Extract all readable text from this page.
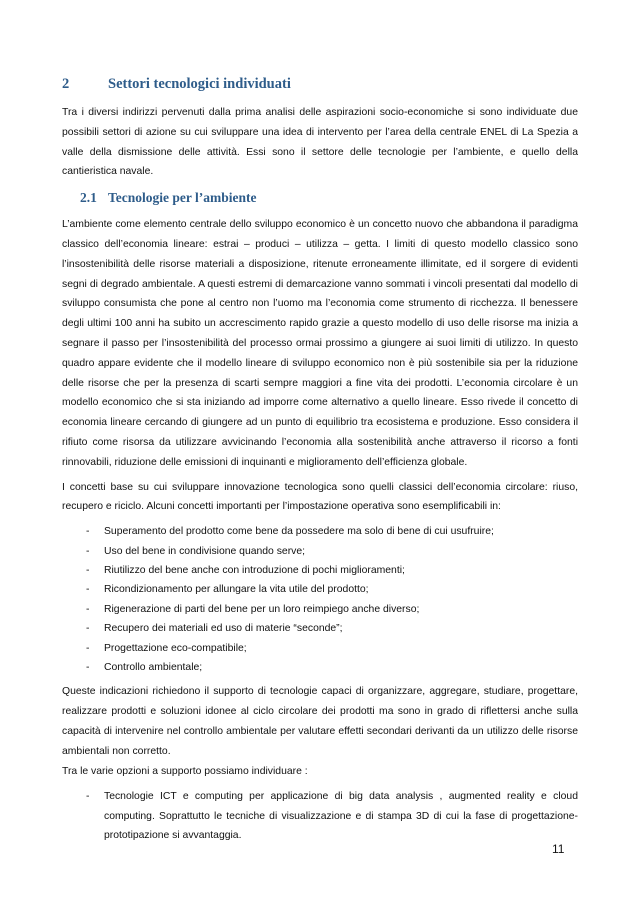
2	Settori tecnologici individuati

Tra i diversi indirizzi pervenuti dalla prima analisi delle aspirazioni socio-economiche si sono individuate due possibili settori di azione su cui sviluppare una idea di intervento per l’area della centrale ENEL di La Spezia a valle della dismissione delle attività. Essi sono il settore delle tecnologie per l’ambiente, e quello della cantieristica navale.

2.1 Tecnologie per l’ambiente

L’ambiente come elemento centrale dello sviluppo economico è un concetto nuovo che abbandona il paradigma classico dell’economia lineare: estrai – produci – utilizza – getta. I limiti di questo modello classico sono l’insostenibilità delle risorse materiali a disposizione, ritenute erroneamente illimitate, ed il sorgere di evidenti segni di degrado ambientale. A questi estremi di demarcazione vanno sommati i vincoli presentati dal modello di sviluppo consumista che pone al centro non l’uomo ma l’economia come strumento di ricchezza. Il benessere degli ultimi 100 anni ha subito un accrescimento rapido grazie a questo modello di uso delle risorse ma inizia a segnare il passo per l’insostenibilità del processo ormai prossimo a giungere ai suoi limiti di utilizzo. In questo quadro appare evidente che il modello lineare di sviluppo economico non è più sostenibile sia per la riduzione delle risorse che per la presenza di scarti sempre maggiori a fine vita dei prodotti. L’economia circolare è un modello economico che si sta iniziando ad imporre come alternativo a quello lineare. Esso rivede il concetto di economia lineare cercando di giungere ad un punto di equilibrio tra ecosistema e produzione. Esso considera il rifiuto come risorsa da utilizzare avvicinando l’economia alla sostenibilità anche attraverso il ricorso a fonti rinnovabili, riduzione delle emissioni di inquinanti e miglioramento dell’efficienza globale.

I concetti base su cui sviluppare innovazione tecnologica sono quelli classici dell’economia circolare: riuso, recupero e riciclo. Alcuni concetti importanti per l’impostazione operativa sono esemplificabili in:

- Superamento del prodotto come bene da possedere ma solo di bene di cui usufruire;
- Uso del bene in condivisione quando serve;
- Riutilizzo del bene anche con introduzione di pochi miglioramenti;
- Ricondizionamento per allungare la vita utile del prodotto;
- Rigenerazione di parti del bene per un loro reimpiego anche diverso;
- Recupero dei materiali ed uso di materie “seconde”;
- Progettazione eco-compatibile;
- Controllo ambientale;

Queste indicazioni richiedono il supporto di tecnologie capaci di organizzare, aggregare, studiare, progettare, realizzare prodotti e soluzioni idonee al ciclo circolare dei prodotti ma sono in grado di riflettersi anche sulla capacità di intervenire nel controllo ambientale per valutare effetti secondari derivanti da un utilizzo delle risorse ambientali non corretto.

Tra le varie opzioni a supporto possiamo individuare :

- Tecnologie ICT e computing per applicazione di big data analysis , augmented reality e cloud computing. Soprattutto le tecniche di visualizzazione e di stampa 3D di cui la fase di progettazione-prototipazione si avvantaggia.
11
